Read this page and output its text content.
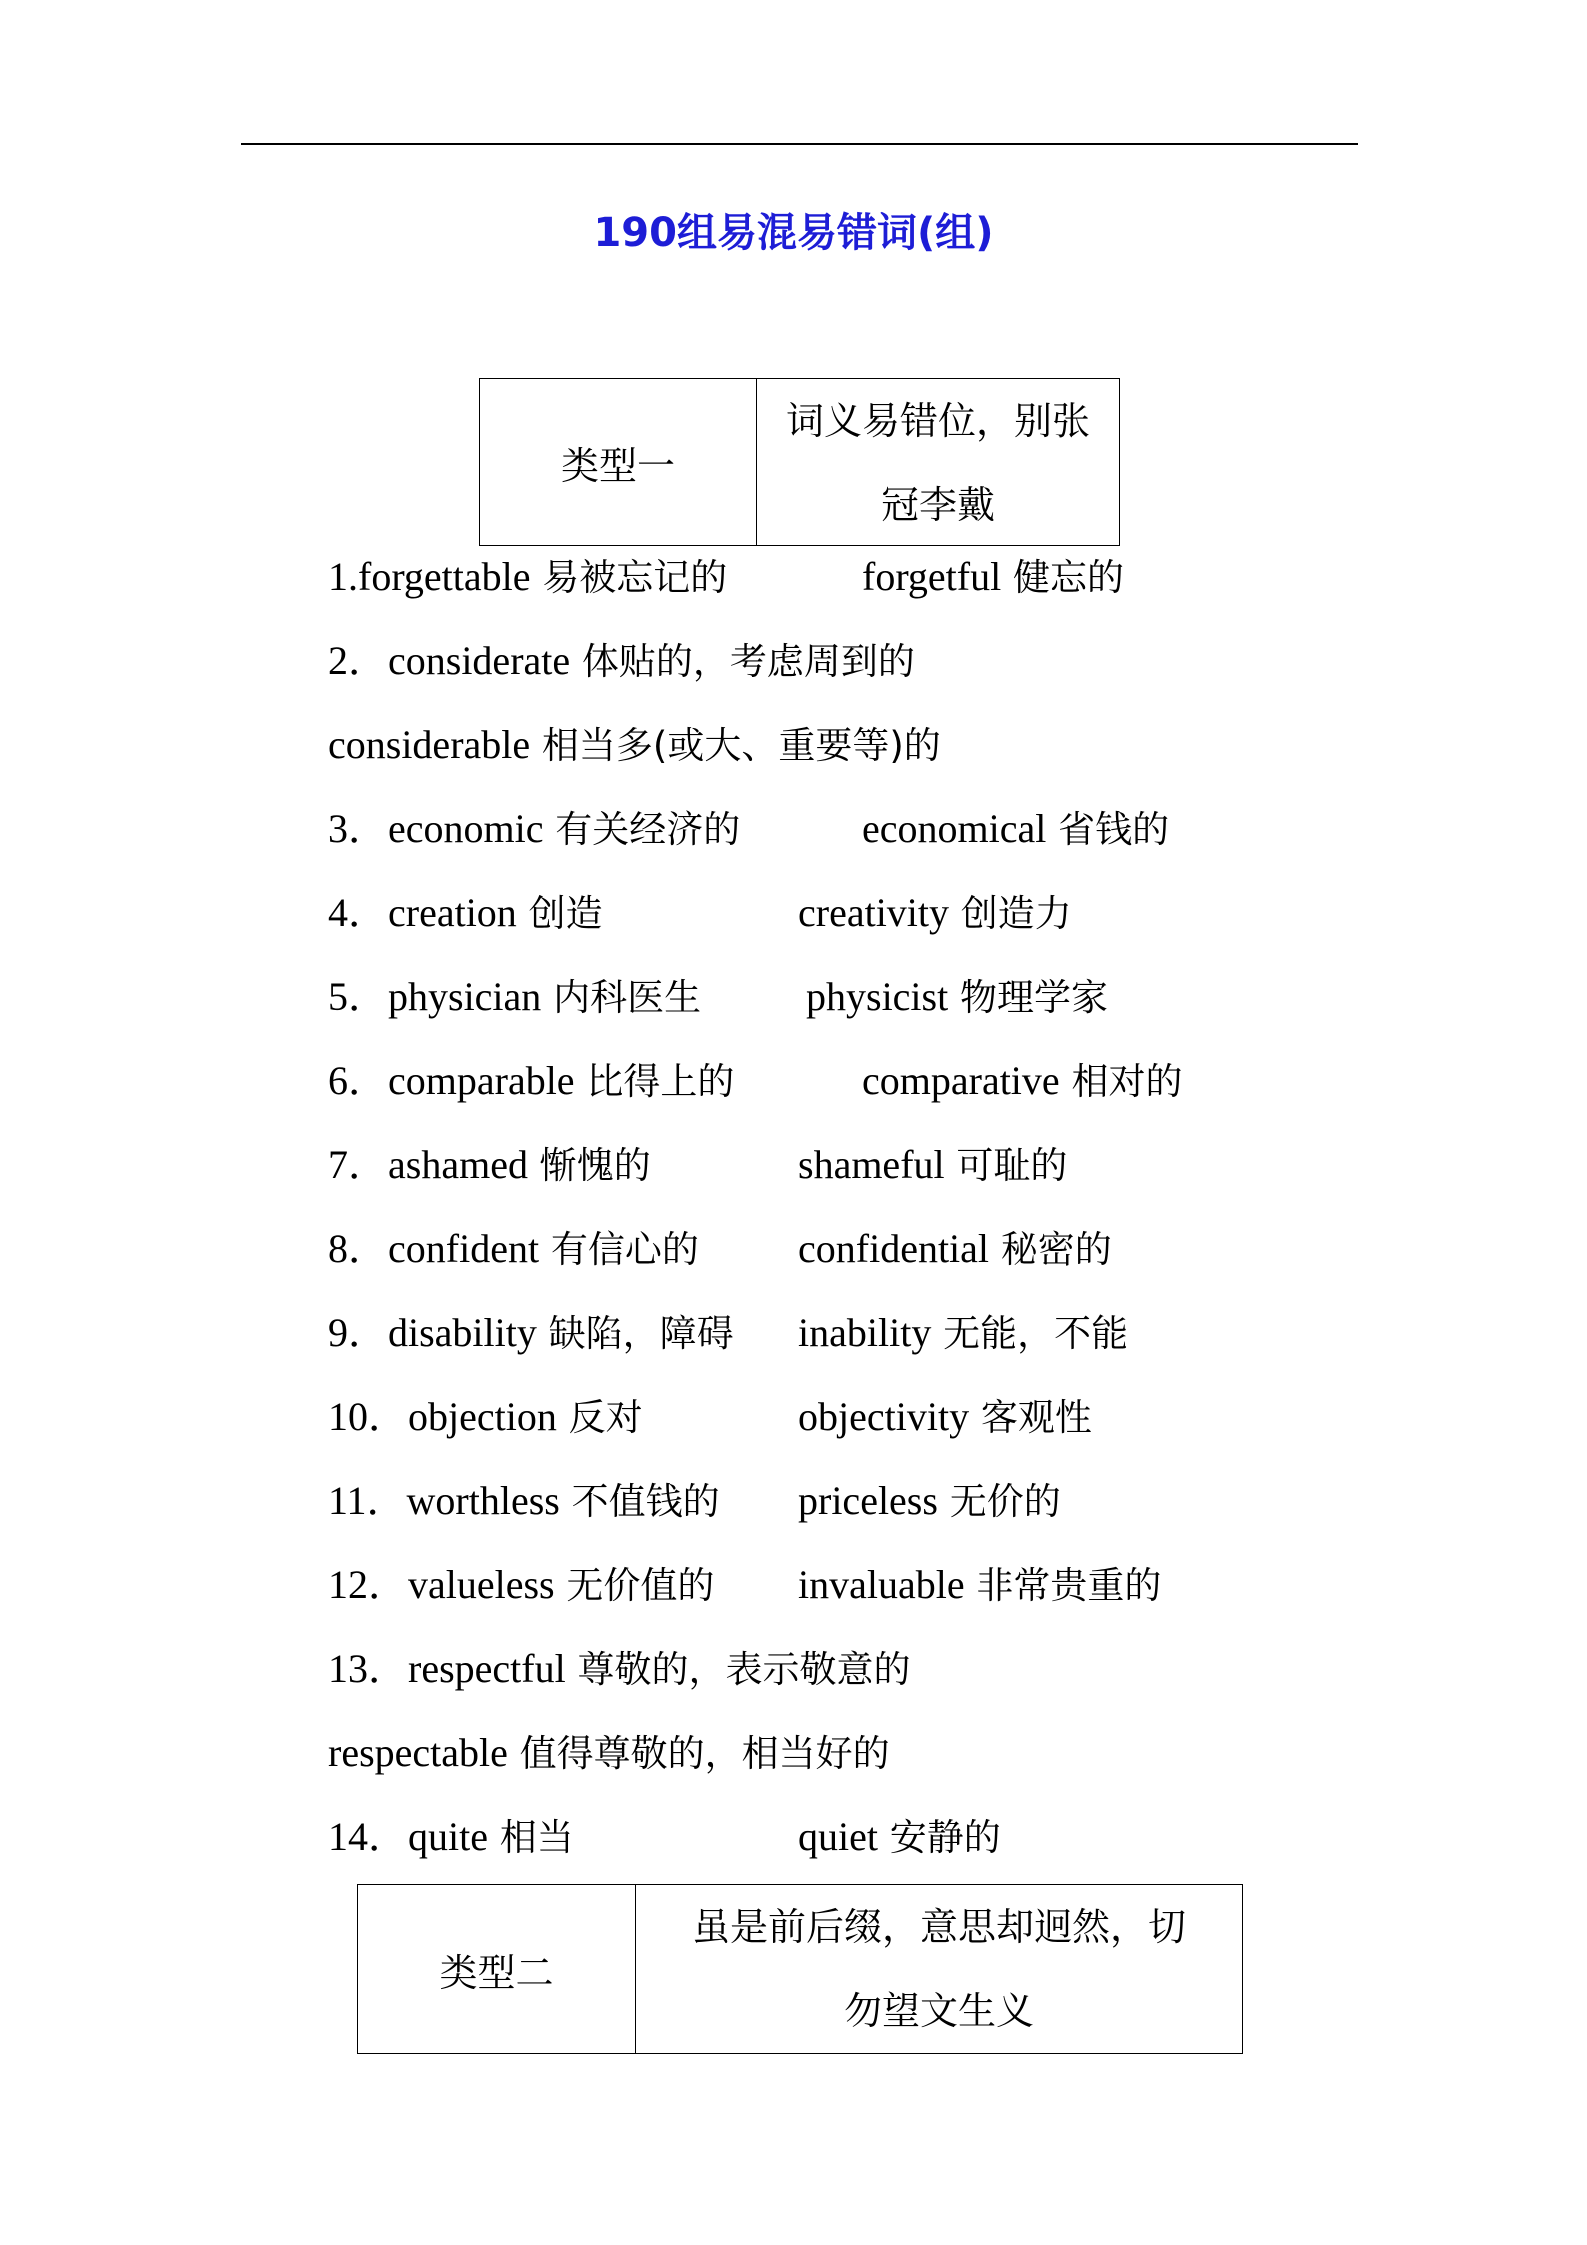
190组易混易错词(组)
类型一
词义易错位，别张
冠李戴
1.forgettable 易被忘记的	forgetful 健忘的
2．considerate 体贴的，考虑周到的
considerable 相当多(或大、重要等)的
3．economic 有关经济的	economical 省钱的
4．creation 创造	creativity 创造力
5．physician 内科医生	physicist 物理学家
6．comparable 比得上的	comparative 相对的
7．ashamed 惭愧的	shameful 可耻的
8．confident 有信心的 confidential 秘密的
9．disability 缺陷，障碍 inability 无能，不能
10．objection 反对	objectivity 客观性
11．worthless 不值钱的 priceless 无价的
12．valueless 无价值的 invaluable 非常贵重的
13．respectful 尊敬的，表示敬意的
respectable 值得尊敬的，相当好的
14．quite 相当	quiet 安静的
类型二
虽是前后缀，意思却迥然，切
勿望文生义
